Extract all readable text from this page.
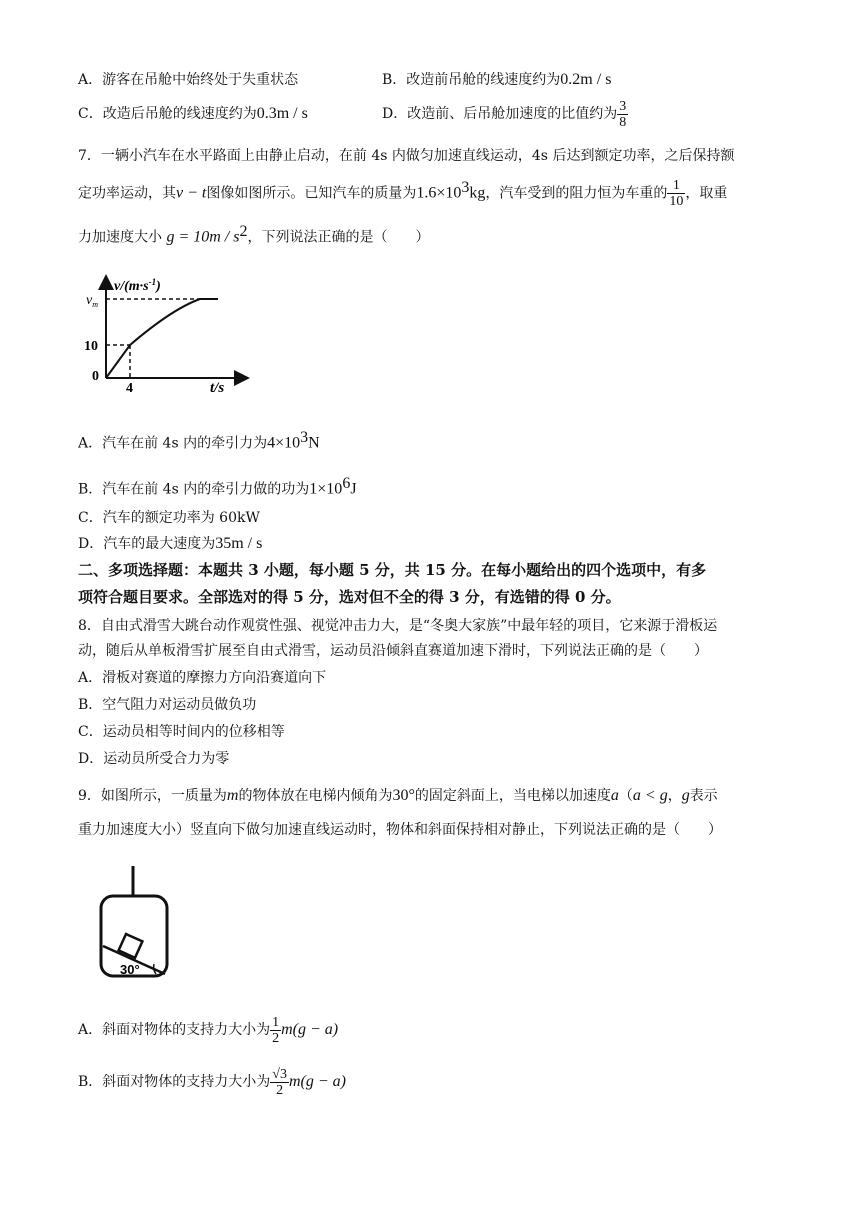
A．游客在吊舱中始终处于失重状态	B．改造前吊舱的线速度约为0.2m / s
C．改造后吊舱的线速度约为0.3m / s	D．改造前、后吊舱加速度的比值约为 $\frac{3}{8}$
7．一辆小汽车在水平路面上由静止启动，在前 4s 内做匀加速直线运动，4s 后达到额定功率，之后保持额
定功率运动，其v − t图像如图所示。已知汽车的质量为$1.6\times 10^3kg$，汽车受到的阻力恒为车重的 $\frac{1}{10}$ ，取重
力加速度大小 $g = 10m / s^2$，下列说法正确的是（　　）
$v/(m\cdot s^{-1})$
$v_m$
10
0
4	t/s
A．汽车在前 4s 内的牵引力为$4\times 10^3N$
B．汽车在前 4s 内的牵引力做的功为$1\times 10^6J$
C．汽车的额定功率为 60kW
D．汽车的最大速度为35m / s
二、多项选择题：本题共 3 小题，每小题 5 分，共 15 分。在每小题给出的四个选项中，有多
项符合题目要求。全部选对的得 5 分，选对但不全的得 3 分，有选错的得 0 分。
8．自由式滑雪大跳台动作观赏性强、视觉冲击力大，是“冬奥大家族”中最年轻的项目，它来源于滑板运
动，随后从单板滑雪扩展至自由式滑雪，运动员沿倾斜直赛道加速下滑时，下列说法正确的是（　　）
A．滑板对赛道的摩擦力方向沿赛道向下
B．空气阻力对运动员做负功
C．运动员相等时间内的位移相等
D．运动员所受合力为零
9．如图所示，一质量为m的物体放在电梯内倾角为30°的固定斜面上，当电梯以加速度a（a < g，g表示
重力加速度大小）竖直向下做匀加速直线运动时，物体和斜面保持相对静止，下列说法正确的是（　　）
30°
A．斜面对物体的支持力大小为 $\frac{1}{2} m(g - a)$
B．斜面对物体的支持力大小为 $\frac{√3}{2} m(g - a)$
